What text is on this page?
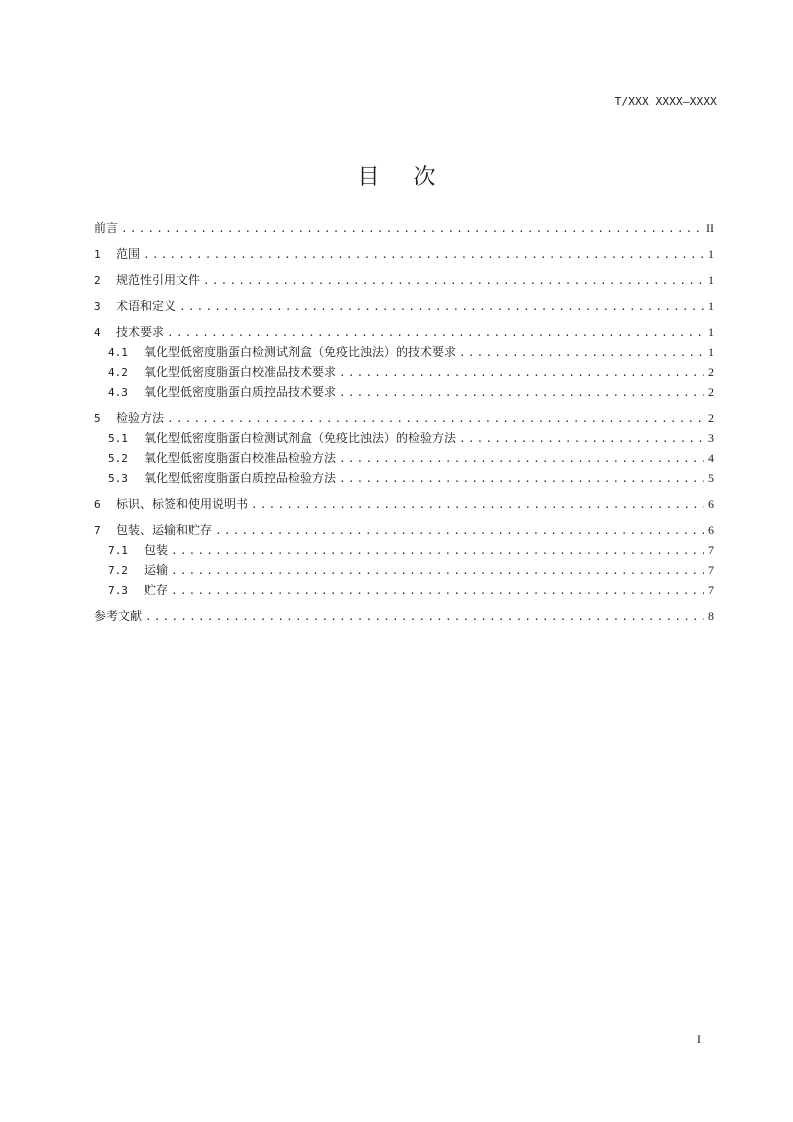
T/XXX XXXX—XXXX
目次
前言 .....	II
1	范围 .....	1
2	规范性引用文件 .....	1
3	术语和定义 .....	1
4	技术要求 .....	1
4.1	氧化型低密度脂蛋白检测试剂盒（免疫比浊法）的技术要求 .....	1
4.2	氧化型低密度脂蛋白校准品技术要求 .....	2
4.3	氧化型低密度脂蛋白质控品技术要求 .....	2
5	检验方法 .....	2
5.1	氧化型低密度脂蛋白检测试剂盒（免疫比浊法）的检验方法 .....	3
5.2	氧化型低密度脂蛋白校准品检验方法 .....	4
5.3	氧化型低密度脂蛋白质控品检验方法 .....	5
6	标识、标签和使用说明书 .....	6
7	包装、运输和贮存 .....	6
7.1	包装 .....	7
7.2	运输 .....	7
7.3	贮存 .....	7
参考文献 .....	8
I
